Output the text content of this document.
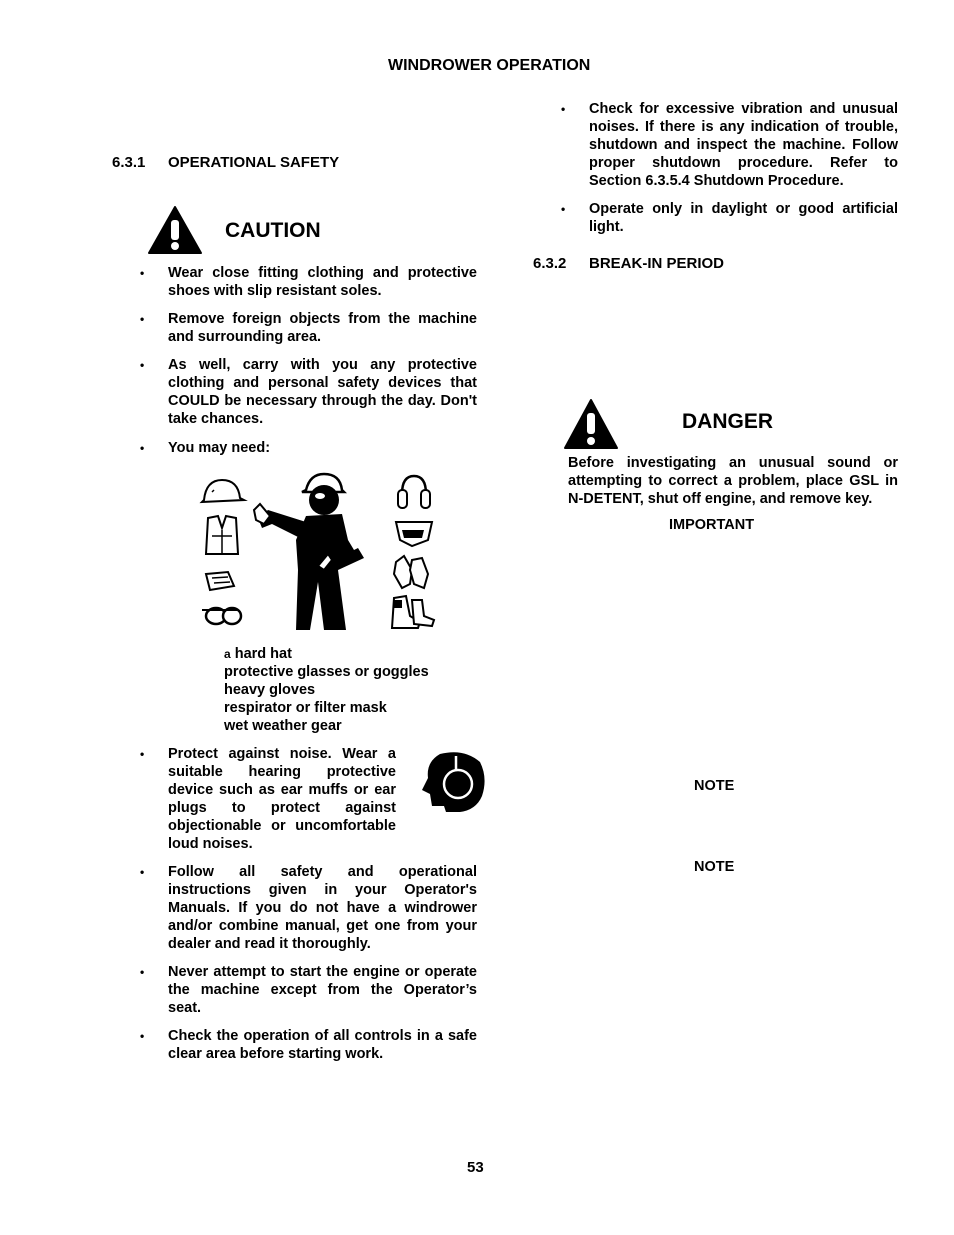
WINDROWER OPERATION
6.3.1 OPERATIONAL SAFETY
CAUTION
• Wear close fitting clothing and protective shoes with slip resistant soles.
• Remove foreign objects from the machine and surrounding area.
• As well, carry with you any protective clothing and personal safety devices that COULD be necessary through the day. Don't take chances.
• You may need:
a hard hat
protective glasses or goggles
heavy gloves
respirator or filter mask
wet weather gear
• Protect against noise. Wear a suitable hearing protective device such as ear muffs or ear plugs to protect against objectionable or uncomfortable loud noises.
• Follow all safety and operational instructions given in your Operator's Manuals. If you do not have a windrower and/or combine manual, get one from your dealer and read it thoroughly.
• Never attempt to start the engine or operate the machine except from the Operator’s seat.
• Check the operation of all controls in a safe clear area before starting work.
• Check for excessive vibration and unusual noises. If there is any indication of trouble, shutdown and inspect the machine. Follow proper shutdown procedure. Refer to Section 6.3.5.4 Shutdown Procedure.
• Operate only in daylight or good artificial light.
6.3.2 BREAK-IN PERIOD
DANGER
Before investigating an unusual sound or attempting to correct a problem, place GSL in N-DETENT, shut off engine, and remove key.
IMPORTANT
NOTE
NOTE
53
